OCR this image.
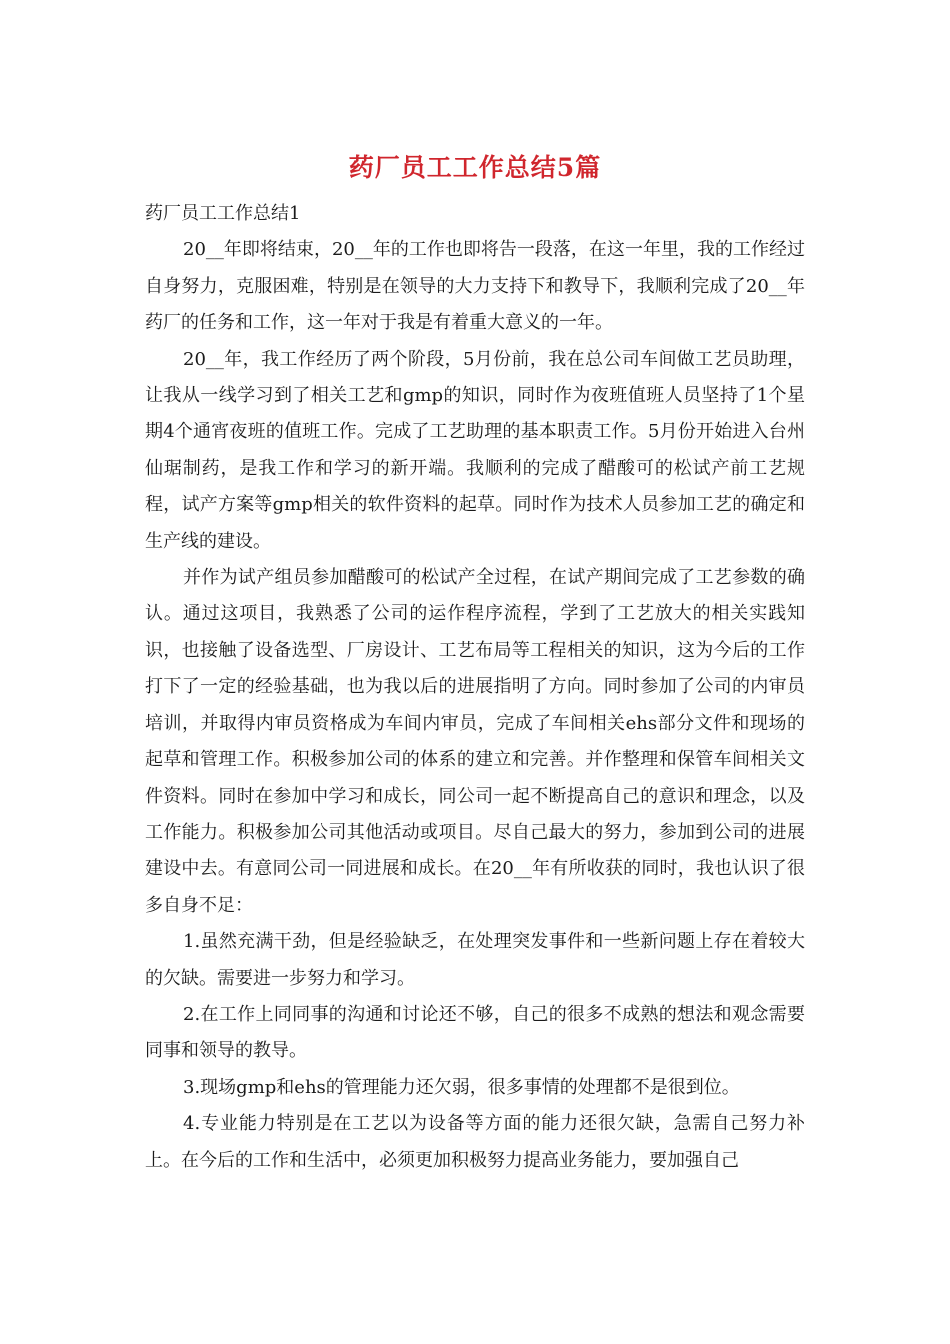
药厂员工工作总结5篇

药厂员工工作总结1

20__年即将结束，20__年的工作也即将告一段落，在这一年里，我的工作经过自身努力，克服困难，特别是在领导的大力支持下和教导下，我顺利完成了20__年药厂的任务和工作，这一年对于我是有着重大意义的一年。

20__年，我工作经历了两个阶段，5月份前，我在总公司车间做工艺员助理，让我从一线学习到了相关工艺和gmp的知识，同时作为夜班值班人员坚持了1个星期4个通宵夜班的值班工作。完成了工艺助理的基本职责工作。5月份开始进入台州仙琚制药，是我工作和学习的新开端。我顺利的完成了醋酸可的松试产前工艺规程，试产方案等gmp相关的软件资料的起草。同时作为技术人员参加工艺的确定和生产线的建设。

并作为试产组员参加醋酸可的松试产全过程，在试产期间完成了工艺参数的确认。通过这项目，我熟悉了公司的运作程序流程，学到了工艺放大的相关实践知识，也接触了设备选型、厂房设计、工艺布局等工程相关的知识，这为今后的工作打下了一定的经验基础，也为我以后的进展指明了方向。同时参加了公司的内审员培训，并取得内审员资格成为车间内审员，完成了车间相关ehs部分文件和现场的起草和管理工作。积极参加公司的体系的建立和完善。并作整理和保管车间相关文件资料。同时在参加中学习和成长，同公司一起不断提高自己的意识和理念，以及工作能力。积极参加公司其他活动或项目。尽自己最大的努力，参加到公司的进展建设中去。有意同公司一同进展和成长。在20__年有所收获的同时，我也认识了很多自身不足：

1.虽然充满干劲，但是经验缺乏，在处理突发事件和一些新问题上存在着较大的欠缺。需要进一步努力和学习。

2.在工作上同同事的沟通和讨论还不够，自己的很多不成熟的想法和观念需要同事和领导的教导。

3.现场gmp和ehs的管理能力还欠弱，很多事情的处理都不是很到位。

4.专业能力特别是在工艺以为设备等方面的能力还很欠缺，急需自己努力补上。在今后的工作和生活中，必须更加积极努力提高业务能力，要加强自己
